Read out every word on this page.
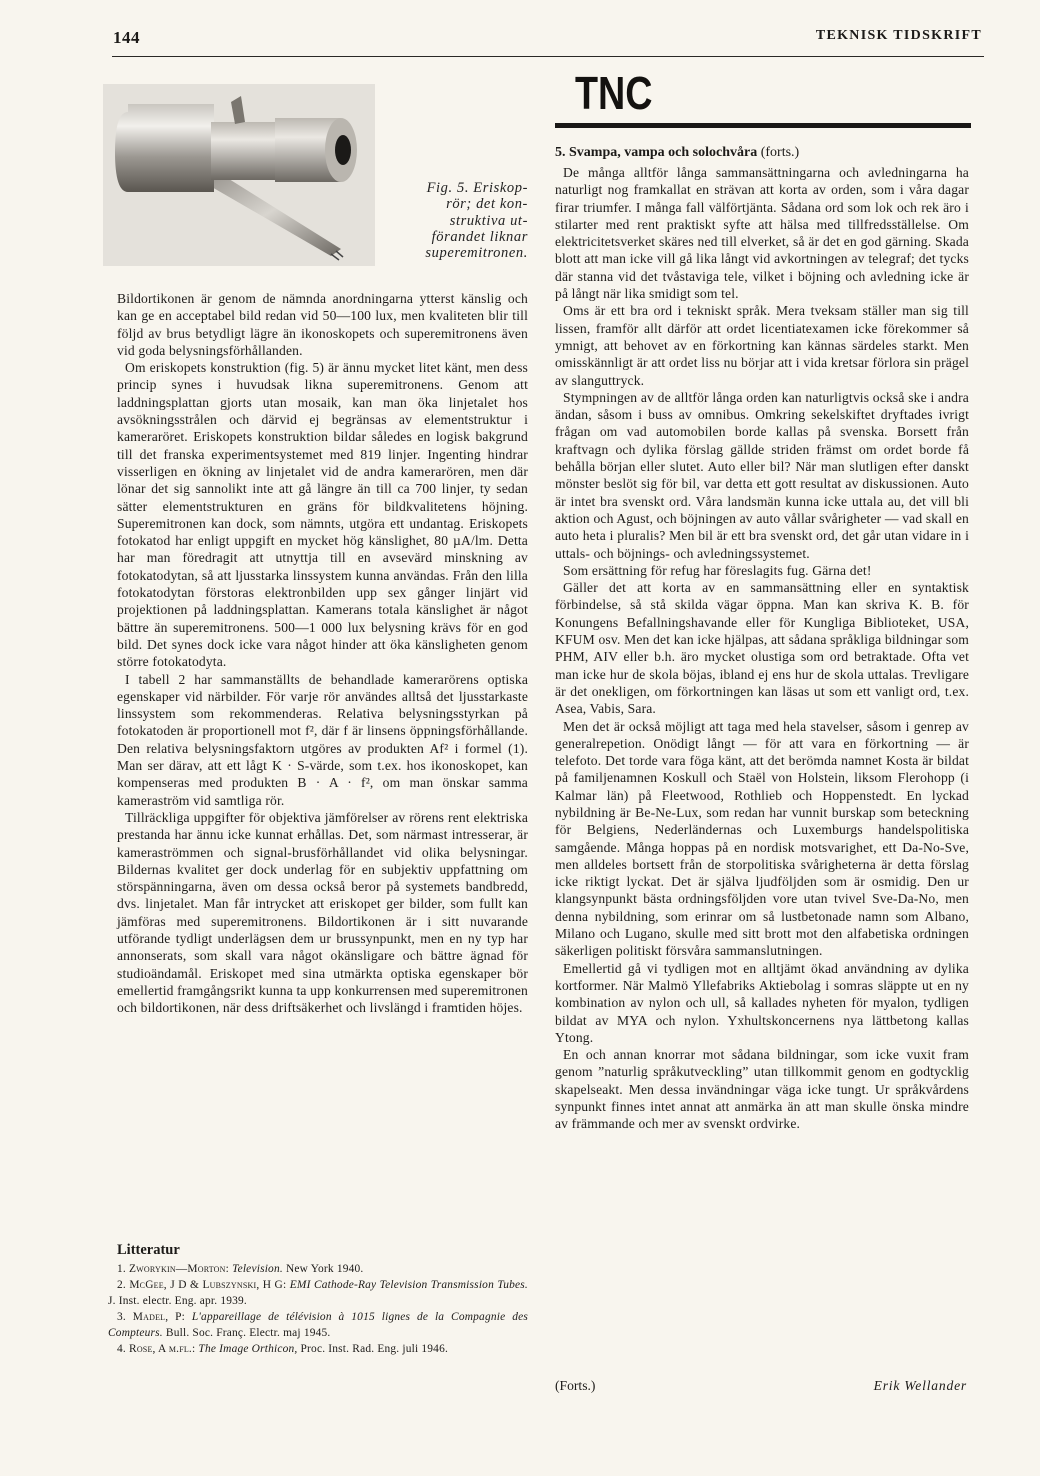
144	TEKNISK TIDSKRIFT
Fig. 5. Eriskop-
rör; det kon-
struktiva ut-
förandet liknar
superemitronen.

Bildortikonen är genom de nämnda anordningarna ytterst känslig och kan ge en acceptabel bild redan vid 50—100 lux, men kvaliteten blir till följd av brus betydligt lägre än ikonoskopets och superemitronens även vid goda belysningsförhållanden.

Om eriskopets konstruktion (fig. 5) är ännu mycket litet känt, men dess princip synes i huvudsak likna superemitronens. Genom att laddningsplattan gjorts utan mosaik, kan man öka linjetalet hos avsökningsstrålen och därvid ej begränsas av elementstruktur i kameraröret. Eriskopets konstruktion bildar således en logisk bakgrund till det franska experimentsystemet med 819 linjer. Ingenting hindrar visserligen en ökning av linjetalet vid de andra kamerarören, men där lönar det sig sannolikt inte att gå längre än till ca 700 linjer, ty sedan sätter elementstrukturen en gräns för bildkvalitetens höjning. Superemitronen kan dock, som nämnts, utgöra ett undantag. Eriskopets fotokatod har enligt uppgift en mycket hög känslighet, 80 µA/lm. Detta har man föredragit att utnyttja till en avsevärd minskning av fotokatodytan, så att ljusstarka linssystem kunna användas. Från den lilla fotokatodytan förstoras elektronbilden upp sex gånger linjärt vid projektionen på laddningsplattan. Kamerans totala känslighet är något bättre än superemitronens. 500—1 000 lux belysning krävs för en god bild. Det synes dock icke vara något hinder att öka känsligheten genom större fotokatodyta.

I tabell 2 har sammanställts de behandlade kamerarörens optiska egenskaper vid närbilder. För varje rör användes alltså det ljusstarkaste linssystem som rekommenderas. Relativa belysningsstyrkan på fotokatoden är proportionell mot f², där f är linsens öppningsförhållande. Den relativa belysningsfaktorn utgöres av produkten Af² i formel (1). Man ser därav, att ett lågt K · S-värde, som t.ex. hos ikonoskopet, kan kompenseras med produkten B · A · f², om man önskar samma kameraström vid samtliga rör.

Tillräckliga uppgifter för objektiva jämförelser av rörens rent elektriska prestanda har ännu icke kunnat erhållas. Det, som närmast intresserar, är kameraströmmen och signal-brusförhållandet vid olika belysningar. Bildernas kvalitet ger dock underlag för en subjektiv uppfattning om störspänningarna, även om dessa också beror på systemets bandbredd, dvs. linjetalet. Man får intrycket att eriskopet ger bilder, som fullt kan jämföras med superemitronens. Bildortikonen är i sitt nuvarande utförande tydligt underlägsen dem ur brussynpunkt, men en ny typ har annonserats, som skall vara något okänsligare och bättre ägnad för studioändamål. Eriskopet med sina utmärkta optiska egenskaper bör emellertid framgångsrikt kunna ta upp konkurrensen med superemitronen och bildortikonen, när dess driftsäkerhet och livslängd i framtiden höjes.

Litteratur

1. Zworykin—Morton: Television. New York 1940.

2. McGee, J D & Lubszynski, H G: EMI Cathode-Ray Television Transmission Tubes. J. Inst. electr. Eng. apr. 1939.

3. Madel, P: L'appareillage de télévision à 1015 lignes de la Compagnie des Compteurs. Bull. Soc. Franç. Electr. maj 1945.

4. Rose, A m.fl.: The Image Orthicon, Proc. Inst. Rad. Eng. juli 1946.

TNC
5. Svampa, vampa och solochvåra (forts.)

De många alltför långa sammansättningarna och avledningarna ha naturligt nog framkallat en strävan att korta av orden, som i våra dagar firar triumfer. I många fall välförtjänta. Sådana ord som lok och rek äro i stilarter med rent praktiskt syfte att hälsa med tillfredsställelse. Om elektricitetsverket skäres ned till elverket, så är det en god gärning. Skada blott att man icke vill gå lika långt vid avkortningen av telegraf; det tycks där stanna vid det tvåstaviga tele, vilket i böjning och avledning icke är på långt när lika smidigt som tel.

Oms är ett bra ord i tekniskt språk. Mera tveksam ställer man sig till lissen, framför allt därför att ordet licentiatexamen icke förekommer så ymnigt, att behovet av en förkortning kan kännas särdeles starkt. Men omisskännligt är att ordet liss nu börjar att i vida kretsar förlora sin prägel av slanguttryck.

Stympningen av de alltför långa orden kan naturligtvis också ske i andra ändan, såsom i buss av omnibus. Omkring sekelskiftet dryftades ivrigt frågan om vad automobilen borde kallas på svenska. Borsett från kraftvagn och dylika förslag gällde striden främst om ordet borde få behålla början eller slutet. Auto eller bil? När man slutligen efter danskt mönster beslöt sig för bil, var detta ett gott resultat av diskussionen. Auto är intet bra svenskt ord. Våra landsmän kunna icke uttala au, det vill bli aktion och Agust, och böjningen av auto vållar svårigheter — vad skall en auto heta i pluralis? Men bil är ett bra svenskt ord, det går utan vidare in i uttals- och böjnings- och avledningssystemet.

Som ersättning för refug har föreslagits fug. Gärna det!

Gäller det att korta av en sammansättning eller en syntaktisk förbindelse, så stå skilda vägar öppna. Man kan skriva K. B. för Konungens Befallningshavande eller för Kungliga Biblioteket, USA, KFUM osv. Men det kan icke hjälpas, att sådana språkliga bildningar som PHM, AIV eller b.h. äro mycket olustiga som ord betraktade. Ofta vet man icke hur de skola böjas, ibland ej ens hur de skola uttalas. Trevligare är det onekligen, om förkortningen kan läsas ut som ett vanligt ord, t.ex. Asea, Vabis, Sara.

Men det är också möjligt att taga med hela stavelser, såsom i genrep av generalrepetion. Onödigt långt — för att vara en förkortning — är telefoto. Det torde vara föga känt, att det berömda namnet Kosta är bildat på familjenamnen Koskull och Staël von Holstein, liksom Flerohopp (i Kalmar län) på Fleetwood, Rothlieb och Hoppenstedt. En lyckad nybildning är Be-Ne-Lux, som redan har vunnit burskap som beteckning för Belgiens, Nederländernas och Luxemburgs handelspolitiska samgående. Många hoppas på en nordisk motsvarighet, ett Da-No-Sve, men alldeles bortsett från de storpolitiska svårigheterna är detta förslag icke riktigt lyckat. Det är själva ljudföljden som är osmidig. Den ur klangsynpunkt bästa ordningsföljden vore utan tvivel Sve-Da-No, men denna nybildning, som erinrar om så lustbetonade namn som Albano, Milano och Lugano, skulle med sitt brott mot den alfabetiska ordningen säkerligen politiskt försvåra sammanslutningen.

Emellertid gå vi tydligen mot en alltjämt ökad användning av dylika kortformer. När Malmö Yllefabriks Aktiebolag i somras släppte ut en ny kombination av nylon och ull, så kallades nyheten för myalon, tydligen bildat av MYA och nylon. Yxhultskoncernens nya lättbetong kallas Ytong.

En och annan knorrar mot sådana bildningar, som icke vuxit fram genom ”naturlig språkutveckling” utan tillkommit genom en godtycklig skapelseakt. Men dessa invändningar väga icke tungt. Ur språkvårdens synpunkt finnes intet annat att anmärka än att man skulle önska mindre av främmande och mer av svenskt ordvirke.

(Forts.)	Erik Wellander
